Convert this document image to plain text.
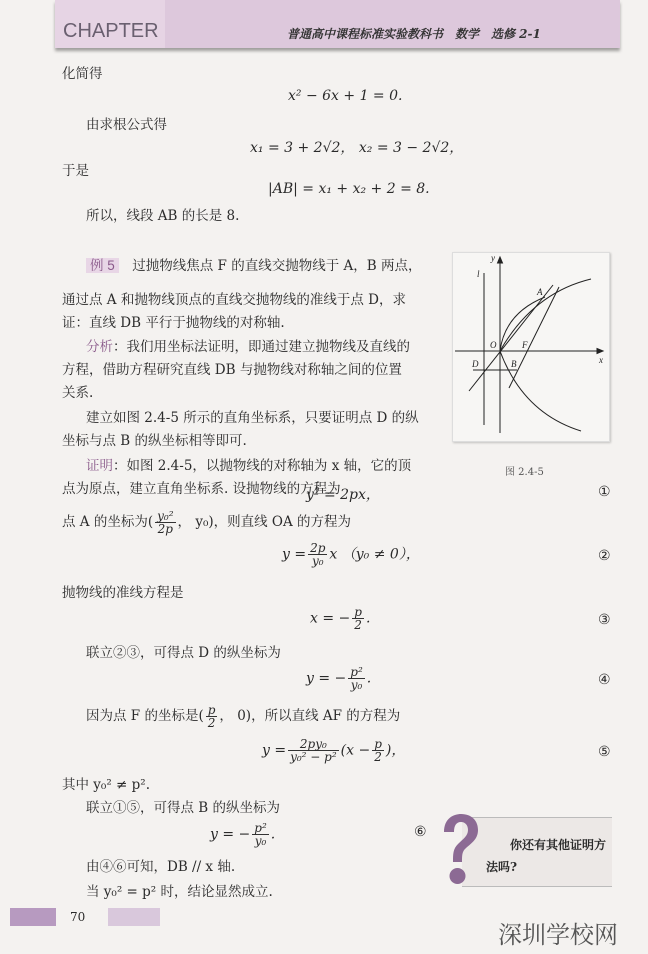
CHAPTER	普通高中课程标准实验教科书　数学　选修 2-1
化简得
x² − 6x + 1 = 0.
由求根公式得
x₁ = 3 + 2√2， x₂ = 3 − 2√2，
于是
|AB| = x₁ + x₂ + 2 = 8.
所以，线段 AB 的长是 8.
例 5　 过抛物线焦点 F 的直线交抛物线于 A，B 两点，
通过点 A 和抛物线顶点的直线交抛物线的准线于点 D，求
证：直线 DB 平行于抛物线的对称轴.
分析：我们用坐标法证明，即通过建立抛物线及直线的
方程，借助方程研究直线 DB 与抛物线对称轴之间的位置
关系.
建立如图 2.4-5 所示的直角坐标系，只要证明点 D 的纵
坐标与点 B 的纵坐标相等即可.
证明：如图 2.4-5，以抛物线的对称轴为 x 轴，它的顶
点为原点，建立直角坐标系. 设抛物线的方程为
y² = 2px，	①
点 A 的坐标为( $\frac{\text{y₀²}}{2p}$ ， y₀)，则直线 OA 的方程为
$y = \frac{2p}{\text{y₀}}$ x （y₀ ≠ 0），	②
抛物线的准线方程是
x = − $\frac{p}{2}$ .	③
联立②③，可得点 D 的纵坐标为
y = − $\frac{\text{p²}}{\text{y₀}}$ .	④
因为点 F 的坐标是( $\frac{p}{2}$ ， 0)，所以直线 AF 的方程为
$y = \frac{\text{2py₀}}{\text{y₀² − p²}} (x - \frac{p}{2}$ )，	⑤
其中 y₀² ≠ p².
联立①⑤，可得点 B 的纵坐标为
y = − $\frac{\text{p²}}{\text{y₀}}$ .	⑥
由④⑥可知，DB // x 轴.
当 y₀² = p² 时，结论显然成立.
y
x
l
A
O	F
D	B
图 2.4-5
你还有其他证明方
法吗?
70
深圳学校网
